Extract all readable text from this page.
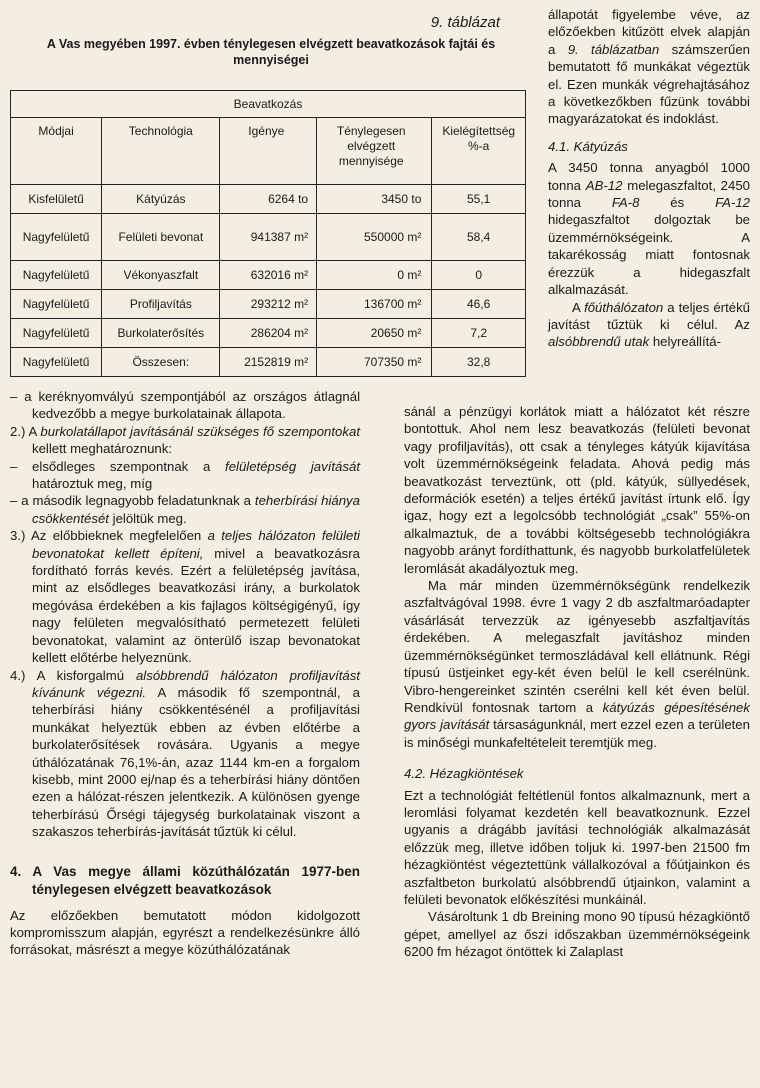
9. táblázat
A Vas megyében 1997. évben ténylegesen elvégzett beavatkozások fajtái és mennyiségei
Beavatkozás				
Módjai	Technológia	Igénye	Ténylegesen elvégzett mennyisége	Kielégítettség %-a
Kisfelületű	Kátyúzás	6264 to	3450 to	55,1
Nagyfelületű	Felületi bevonat	941387 m²	550000 m²	58,4
Nagyfelületű	Vékonyaszfalt	632016 m²	0 m²	0
Nagyfelületű	Profiljavítás	293212 m²	136700 m²	46,6
Nagyfelületű	Burkolaterősítés	286204 m²	20650 m²	7,2
Nagyfelületű	Összesen:	2152819 m²	707350 m²	32,8

– a keréknyomvályú szempontjából az országos átlagnál kedvezőbb a megye burkolatainak állapota.

2.) A burkolatállapot javításánál szükséges fő szempontokat kellett meghatároznunk:

– elsődleges szempontnak a felületépség javítását határoztuk meg, míg

– a második legnagyobb feladatunknak a teherbírási hiánya csökkentését jelöltük meg.

3.) Az előbbieknek megfelelően a teljes hálózaton felületi bevonatokat kellett építeni, mivel a beavatkozásra fordítható forrás kevés. Ezért a felületépség javítása, mint az elsődleges beavatkozási irány, a burkolatok megóvása érdekében a kis fajlagos költségigényű, így nagy felületen megvalósítható permetezett felületi bevonatokat, valamint az önterülő iszap bevonatokat kellett előtérbe helyeznünk.

4.) A kisforgalmú alsóbbrendű hálózaton profiljavítást kívánunk végezni. A második fő szempontnál, a teherbírási hiány csökkentésénél a profiljavítási munkákat helyeztük ebben az évben előtérbe a burkolaterősítések rovására. Ugyanis a megye úthálózatának 76,1%-án, azaz 1144 km-en a forgalom kisebb, mint 2000 ej/nap és a teherbírási hiány döntően ezen a hálózat-részen jelentkezik. A különösen gyenge teherbírású Őrségi tájegység burkolatainak viszont a szakaszos teherbírás-javítását tűztük ki célul.

4. A Vas megye állami közúthálózatán 1977-ben ténylegesen elvégzett beavatkozások

Az előzőekben bemutatott módon kidolgozott kompromisszum alapján, egyrészt a rendelkezésünkre álló forrásokat, másrészt a megye közúthálózatának

állapotát figyelembe véve, az előzőekben kitűzött elvek alapján a 9. táblázatban számszerűen bemutatott fő munkákat végeztük el. Ezen munkák végrehajtásához a következőkben fűzünk további magyarázatokat és indoklást.

4.1. Kátyúzás

A 3450 tonna anyagból 1000 tonna AB-12 melegaszfaltot, 2450 tonna FA-8 és FA-12 hidegaszfaltot dolgoztak be üzemmérnökségeink. A takarékosság miatt fontosnak érezzük a hidegaszfalt alkalmazását.

A főúthálózaton a teljes értékű javítást tűztük ki célul. Az alsóbbrendű utak helyreállítá-

sánál a pénzügyi korlátok miatt a hálózatot két részre bontottuk. Ahol nem lesz beavatkozás (felületi bevonat vagy profiljavítás), ott csak a tényleges kátyúk kijavítása volt üzemmérnökségeink feladata. Ahová pedig más beavatkozást terveztünk, ott (pld. kátyúk, süllyedések, deformációk esetén) a teljes értékű javítást írtunk elő. Így igaz, hogy ezt a legolcsóbb technológiát „csak” 55%-on alkalmaztuk, de a további költségesebb technológiákra nagyobb arányt fordíthattunk, és nagyobb burkolatfelületek leromlását akadályoztuk meg.

Ma már minden üzemmérnökségünk rendelkezik aszfaltvágóval 1998. évre 1 vagy 2 db aszfaltmaróadapter vásárlását tervezzük az igényesebb aszfaltjavítás érdekében. A melegaszfalt javításhoz minden üzemmérnökségünket termoszládával kell ellátnunk. Régi típusú üstjeinket egy-két éven belül le kell cserélnünk. Vibro-hengereinket szintén cserélni kell két éven belül. Rendkívül fontosnak tartom a kátyúzás gépesítésének gyors javítását társaságunknál, mert ezzel ezen a területen is minőségi munkafeltételeit teremtjük meg.

4.2. Hézagkiöntések

Ezt a technológiát feltétlenül fontos alkalmaznunk, mert a leromlási folyamat kezdetén kell beavatkoznunk. Ezzel ugyanis a drágább javítási technológiák alkalmazását előzzük meg, illetve időben toljuk ki. 1997-ben 21500 fm hézagkiöntést végeztettünk vállalkozóval a főútjainkon és aszfaltbeton burkolatú alsóbbrendű útjainkon, valamint a felületi bevonatok előkészítési munkáinál.

Vásároltunk 1 db Breining mono 90 típusú hézagkiöntő gépet, amellyel az őszi időszakban üzemmérnökségeink 6200 fm hézagot öntöttek ki Zalaplast
